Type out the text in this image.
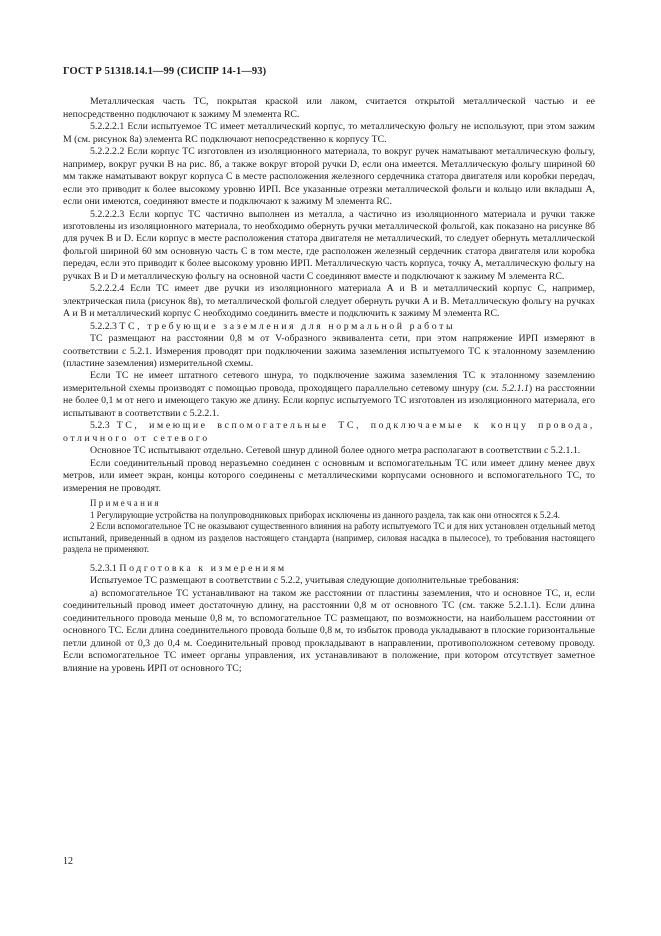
ГОСТ Р 51318.14.1—99 (СИСПР 14-1—93)

Металлическая часть ТС, покрытая краской или лаком, считается открытой металлической частью и ее непосредственно подключают к зажиму М элемента RC.

5.2.2.2.1 Если испытуемое ТС имеет металлический корпус, то металлическую фольгу не используют, при этом зажим М (см. рисунок 8а) элемента RC подключают непосредственно к корпусу ТС.

5.2.2.2.2 Если корпус ТС изготовлен из изоляционного материала, то вокруг ручек наматывают металлическую фольгу, например, вокруг ручки В на рис. 8б, а также вокруг второй ручки D, если она имеется. Металлическую фольгу шириной 60 мм также наматывают вокруг корпуса С в месте расположения железного сердечника статора двигателя или коробки передач, если это приводит к более высокому уровню ИРП. Все указанные отрезки металлической фольги и кольцо или вкладыш А, если они имеются, соединяют вместе и подключают к зажиму М элемента RC.

5.2.2.2.3 Если корпус ТС частично выполнен из металла, а частично из изоляционного материала и ручки также изготовлены из изоляционного материала, то необходимо обернуть ручки металлической фольгой, как показано на рисунке 8б для ручек В и D. Если корпус в месте расположения статора двигателя не металлический, то следует обернуть металлической фольгой шириной 60 мм основную часть С в том месте, где расположен железный сердечник статора двигателя или коробка передач, если это приводит к более высокому уровню ИРП. Металлическую часть корпуса, точку А, металлическую фольгу на ручках В и D и металлическую фольгу на основной части С соединяют вместе и подключают к зажиму М элемента RC.

5.2.2.2.4 Если ТС имеет две ручки из изоляционного материала А и В и металлический корпус С, например, электрическая пила (рисунок 8в), то металлической фольгой следует обернуть ручки А и В. Металлическую фольгу на ручках А и В и металлический корпус С необходимо соединить вместе и подключить к зажиму М элемента RC.

5.2.2.3 ТС, требующие заземления для нормальной работы

ТС размещают на расстоянии 0,8 м от V-образного эквивалента сети, при этом напряжение ИРП измеряют в соответствии с 5.2.1. Измерения проводят при подключении зажима заземления испытуемого ТС к эталонному заземлению (пластине заземления) измерительной схемы.

Если ТС не имеет штатного сетевого шнура, то подключение зажима заземления ТС к эталонному заземлению измерительной схемы производят с помощью провода, проходящего параллельно сетевому шнуру (см. 5.2.1.1) на расстоянии не более 0,1 м от него и имеющего такую же длину. Если корпус испытуемого ТС изготовлен из изоляционного материала, его испытывают в соответствии с 5.2.2.1.

5.2.3 ТС, имеющие вспомогательные ТС, подключаемые к концу провода, отличного от сетевого

Основное ТС испытывают отдельно. Сетевой шнур длиной более одного метра располагают в соответствии с 5.2.1.1.

Если соединительный провод неразъемно соединен с основным и вспомогательным ТС или имеет длину менее двух метров, или имеет экран, концы которого соединены с металлическими корпусами основного и вспомогательного ТС, то измерения не проводят.

Примечания

1 Регулирующие устройства на полупроводниковых приборах исключены из данного раздела, так как они относятся к 5.2.4.

2 Если вспомогательное ТС не оказывают существенного влияния на работу испытуемого ТС и для них установлен отдельный метод испытаний, приведенный в одном из разделов настоящего стандарта (например, силовая насадка в пылесосе), то требования настоящего раздела не применяют.

5.2.3.1 Подготовка к измерениям

Испытуемое ТС размещают в соответствии с 5.2.2, учитывая следующие дополнительные требования:

а) вспомогательное ТС устанавливают на таком же расстоянии от пластины заземления, что и основное ТС, и, если соединительный провод имеет достаточную длину, на расстоянии 0,8 м от основного ТС (см. также 5.2.1.1). Если длина соединительного провода меньше 0,8 м, то вспомогательное ТС размещают, по возможности, на наибольшем расстоянии от основного ТС. Если длина соединительного провода больше 0,8 м, то избыток провода укладывают в плоские горизонтальные петли длиной от 0,3 до 0,4 м. Соединительный провод прокладывают в направлении, противоположном сетевому проводу. Если вспомогательное ТС имеет органы управления, их устанавливают в положение, при котором отсутствует заметное влияние на уровень ИРП от основного ТС;

12
